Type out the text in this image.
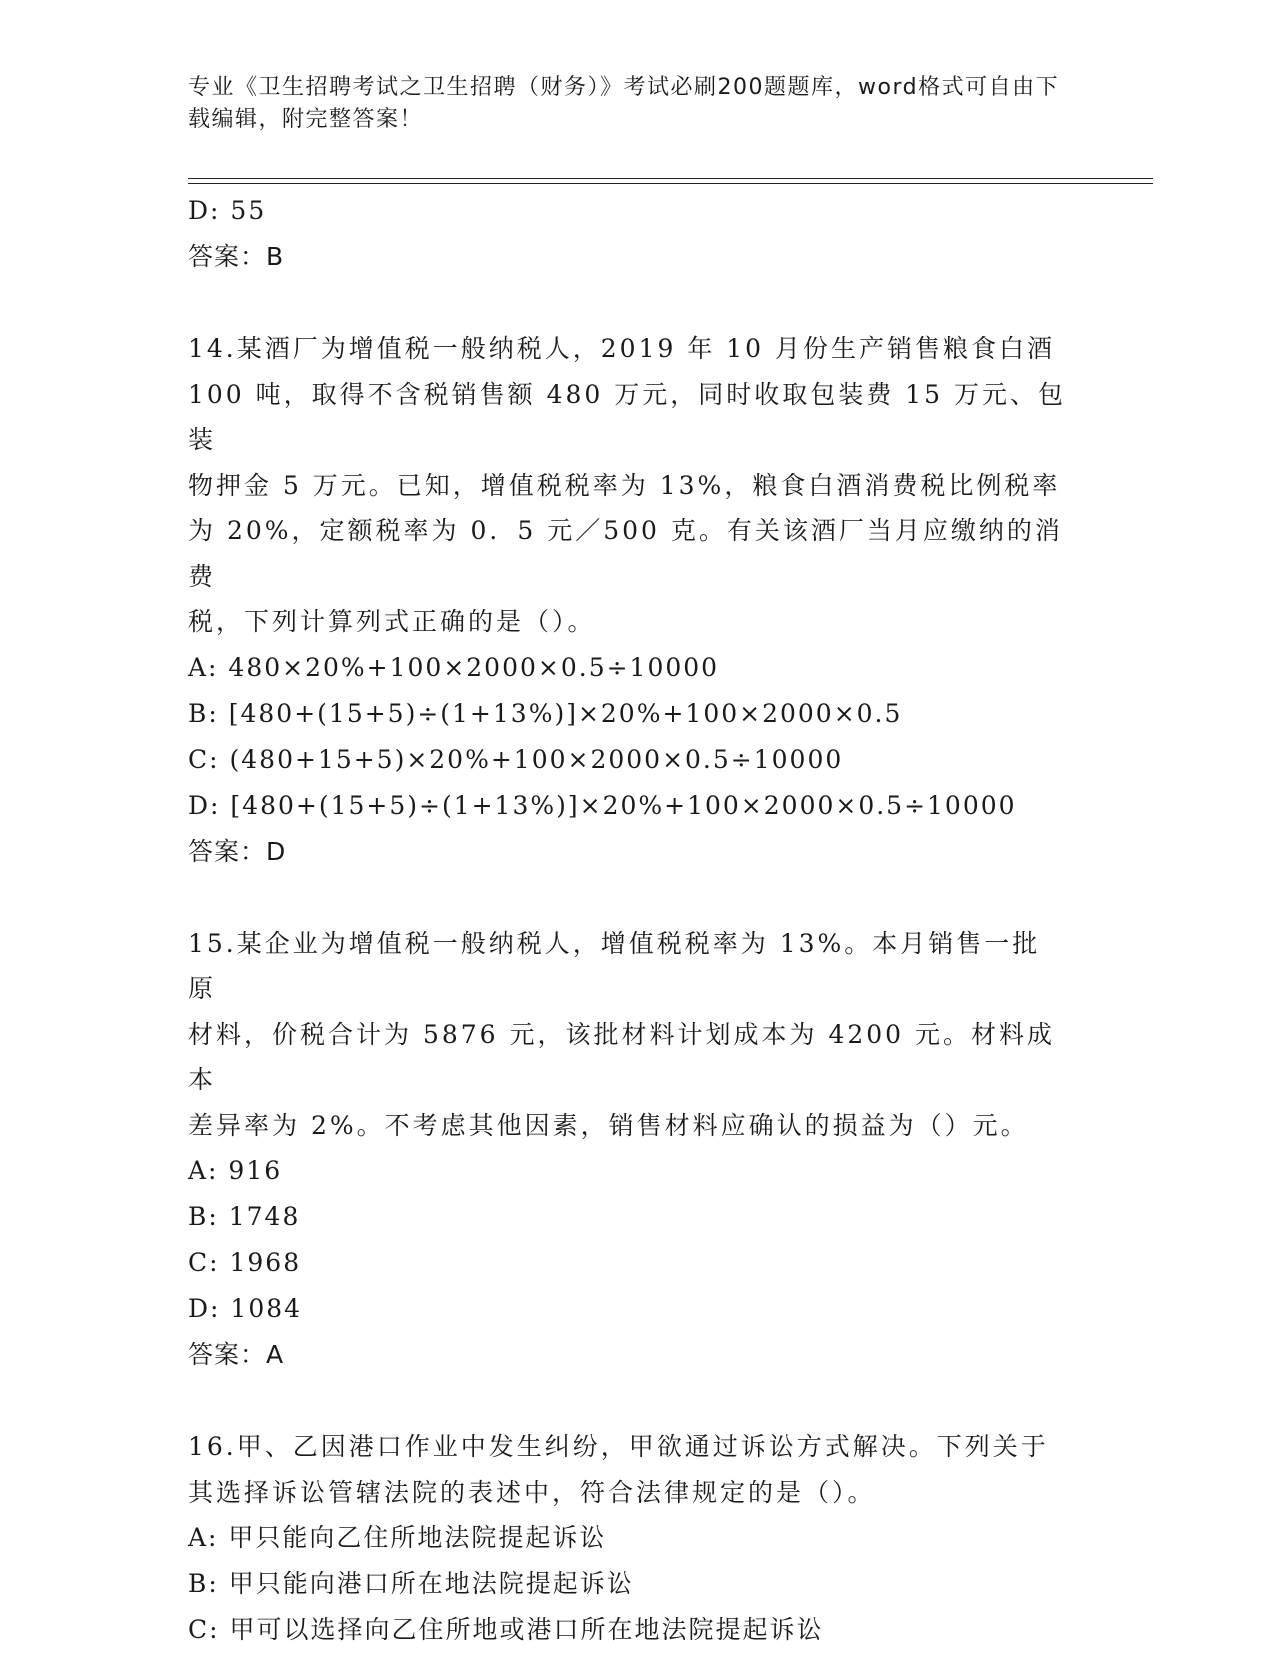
专业《卫生招聘考试之卫生招聘（财务）》考试必刷200题题库，word格式可自由下载编辑，附完整答案！
D: 55
答案：B
14.某酒厂为增值税一般纳税人，2019 年 10 月份生产销售粮食白酒
100 吨，取得不含税销售额 480 万元，同时收取包装费 15 万元、包装
物押金 5 万元。已知，增值税税率为 13%，粮食白酒消费税比例税率
为 20%，定额税率为 0．5 元／500 克。有关该酒厂当月应缴纳的消费
税，下列计算列式正确的是（）。
A: 480×20%+100×2000×0.5÷10000
B: [480+(15+5)÷(1+13%)]×20%+100×2000×0.5
C: (480+15+5)×20%+100×2000×0.5÷10000
D: [480+(15+5)÷(1+13%)]×20%+100×2000×0.5÷10000
答案：D
15.某企业为增值税一般纳税人，增值税税率为 13%。本月销售一批原
材料，价税合计为 5876 元，该批材料计划成本为 4200 元。材料成本
差异率为 2%。不考虑其他因素，销售材料应确认的损益为（）元。
A: 916
B: 1748
C: 1968
D: 1084
答案：A
16.甲、乙因港口作业中发生纠纷，甲欲通过诉讼方式解决。下列关于
其选择诉讼管辖法院的表述中，符合法律规定的是（）。
A: 甲只能向乙住所地法院提起诉讼
B: 甲只能向港口所在地法院提起诉讼
C: 甲可以选择向乙住所地或港口所在地法院提起诉讼
